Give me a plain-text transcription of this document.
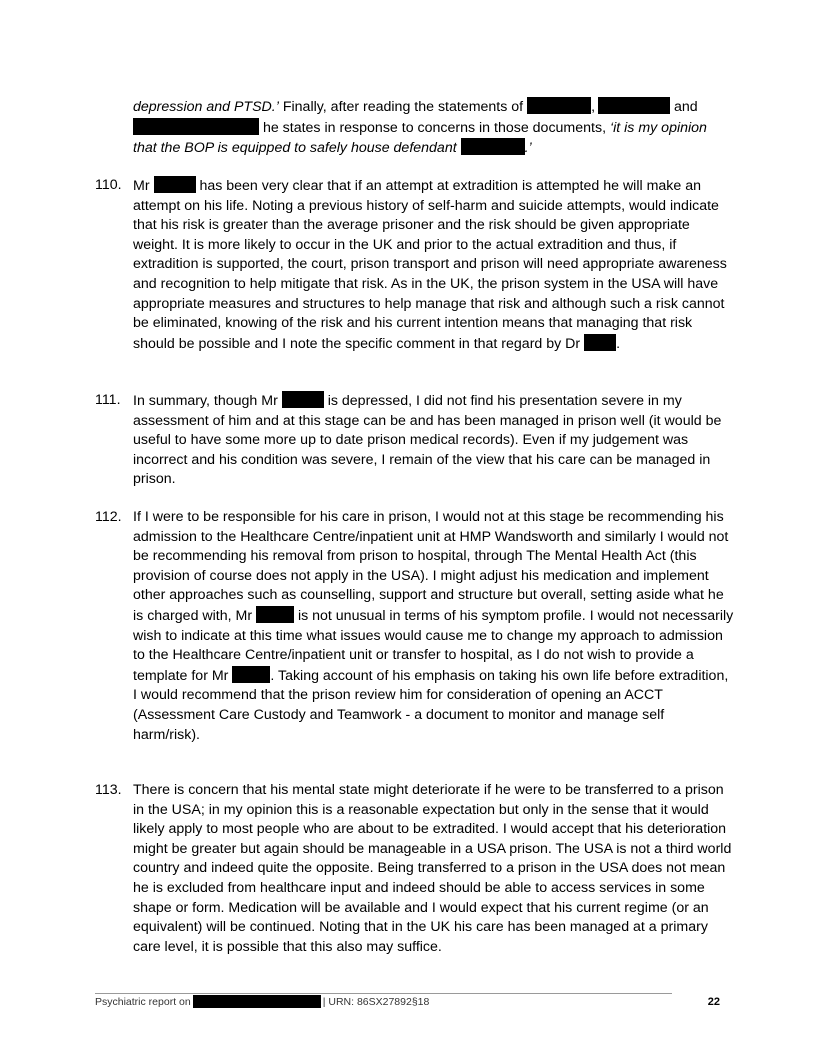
depression and PTSD.’ Finally, after reading the statements of	,	and
he states in response to concerns in those documents, ‘it is my opinion that the BOP is equipped to safely house defendant	.’
110. Mr	has been very clear that if an attempt at extradition is attempted he will make an attempt on his life. Noting a previous history of self-harm and suicide attempts, would indicate that his risk is greater than the average prisoner and the risk should be given appropriate weight. It is more likely to occur in the UK and prior to the actual extradition and thus, if extradition is supported, the court, prison transport and prison will need appropriate awareness and recognition to help mitigate that risk. As in the UK, the prison system in the USA will have appropriate measures and structures to help manage that risk and although such a risk cannot be eliminated, knowing of the risk and his current intention means that managing that risk should be possible and I note the specific comment in that regard by Dr .
111. In summary, though Mr	is depressed, I did not find his presentation severe in my assessment of him and at this stage can be and has been managed in prison well (it would be useful to have some more up to date prison medical records). Even if my judgement was incorrect and his condition was severe, I remain of the view that his care can be managed in prison.
112. If I were to be responsible for his care in prison, I would not at this stage be recommending his admission to the Healthcare Centre/inpatient unit at HMP Wandsworth and similarly I would not be recommending his removal from prison to hospital, through The Mental Health Act (this provision of course does not apply in the USA). I might adjust his medication and implement other approaches such as counselling, support and structure but overall, setting aside what he is charged with, Mr	is not unusual in terms of his symptom profile. I would not necessarily wish to indicate at this time what issues would cause me to change my approach to admission to the Healthcare Centre/inpatient unit or transfer to hospital, as I do not wish to provide a template for Mr	. Taking account of his emphasis on taking his own life before extradition, I would recommend that the prison review him for consideration of opening an ACCT (Assessment Care Custody and Teamwork - a document to monitor and manage self harm/risk).
113. There is concern that his mental state might deteriorate if he were to be transferred to a prison in the USA; in my opinion this is a reasonable expectation but only in the sense that it would likely apply to most people who are about to be extradited. I would accept that his deterioration might be greater but again should be manageable in a USA prison. The USA is not a third world country and indeed quite the opposite. Being transferred to a prison in the USA does not mean he is excluded from healthcare input and indeed should be able to access services in some shape or form. Medication will be available and I would expect that his current regime (or an equivalent) will be continued. Noting that in the UK his care has been managed at a primary care level, it is possible that this also may suffice.
Psychiatric report on	| URN: 86SX27892§18	22
